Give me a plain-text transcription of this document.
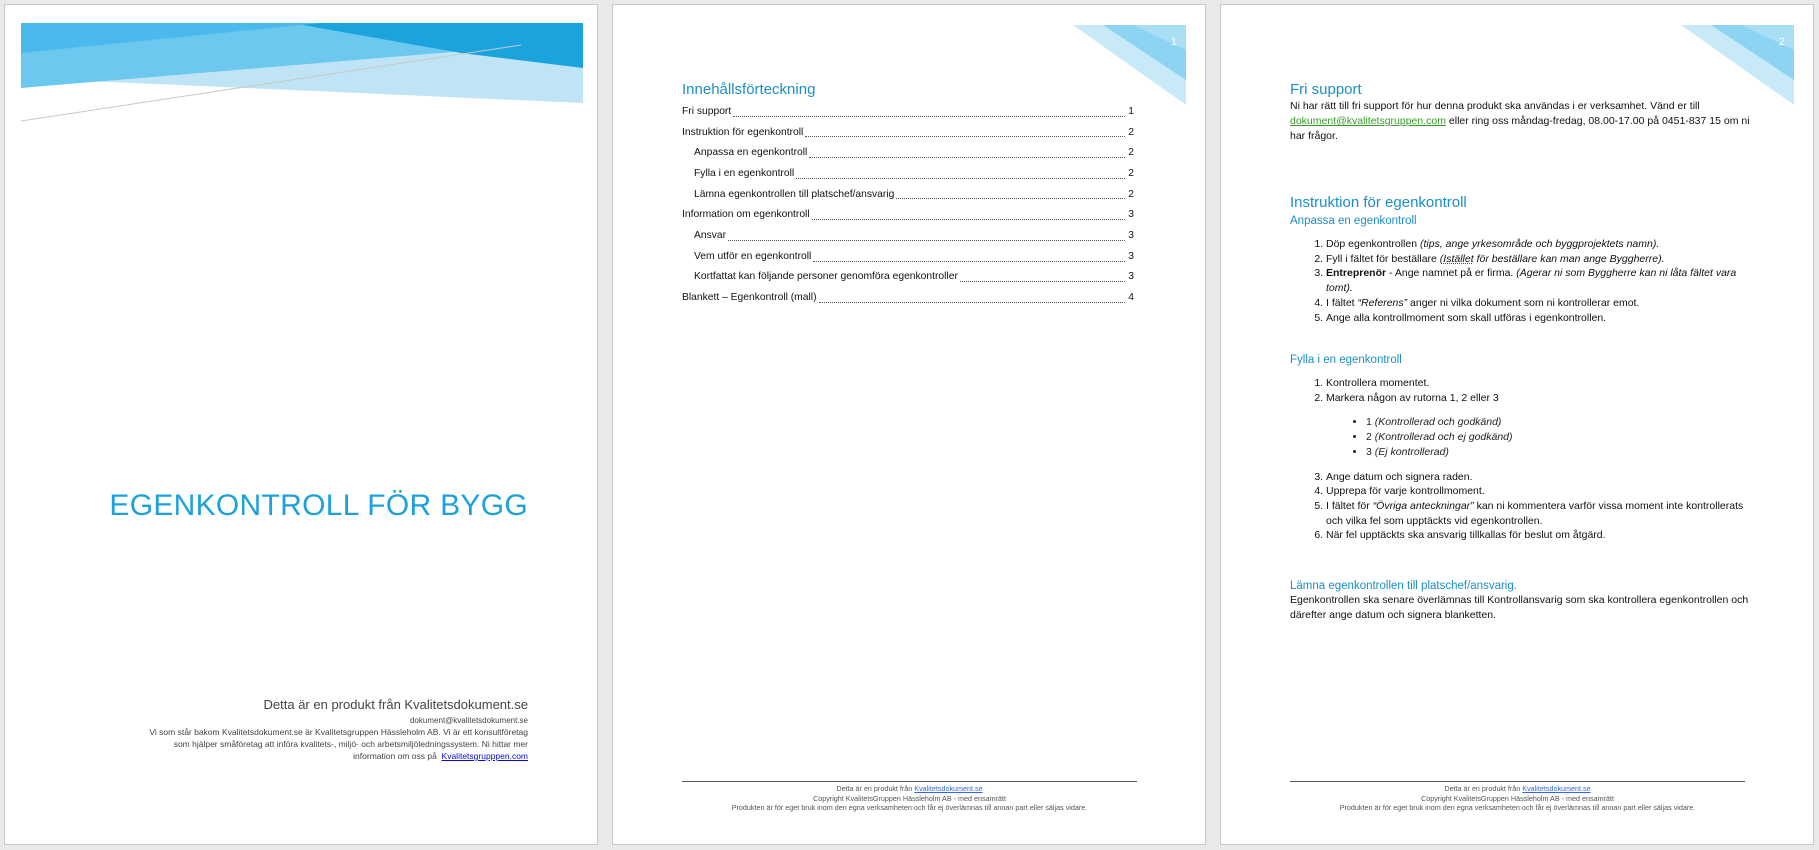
EGENKONTROLL FÖR BYGG
Detta är en produkt från Kvalitetsdokument.se
dokument@kvalitetsdokument.se
Vi som står bakom Kvalitetsdokument.se är Kvalitetsgruppen Hässleholm AB. Vi är ett konsultföretag som hjälper småföretag att införa kvalitets-, miljö- och arbetsmiljöledningssystem. Ni hittar mer information om oss på Kvalitetsgrupppen.com
1
Innehållsförteckning
Fri support	1
Instruktion för egenkontroll	2
Anpassa en egenkontroll	2
Fylla i en egenkontroll	2
Lämna egenkontrollen till platschef/ansvarig	2
Information om egenkontroll	3
Ansvar	3
Vem utför en egenkontroll	3
Kortfattat kan följande personer genomföra egenkontroller	3
Blankett – Egenkontroll (mall)	4
Detta är en produkt från Kvalitetsdokument.se
Copyright KvalitetsGruppen Hässleholm AB - med ensamrätt
Produkten är för eget bruk inom den egna verksamheten och får ej överlämnas till annan part eller säljas vidare.
2
Fri support
Ni har rätt till fri support för hur denna produkt ska användas i er verksamhet. Vänd er till
dokument@kvalitetsgruppen.com eller ring oss måndag-fredag, 08.00-17.00 på 0451-837 15 om ni har frågor.
Instruktion för egenkontroll
Anpassa en egenkontroll
1. Döp egenkontrollen (tips, ange yrkesområde och byggprojektets namn).
2. Fyll i fältet för beställare (Istället för beställare kan man ange Byggherre).
3. Entreprenör - Ange namnet på er firma. (Agerar ni som Byggherre kan ni låta fältet vara tomt).
4. I fältet “Referens” anger ni vilka dokument som ni kontrollerar emot.
5. Ange alla kontrollmoment som skall utföras i egenkontrollen.
Fylla i en egenkontroll
1. Kontrollera momentet.
2. Markera någon av rutorna 1, 2 eller 3
• 1 (Kontrollerad och godkänd)
• 2 (Kontrollerad och ej godkänd)
• 3 (Ej kontrollerad)
3. Ange datum och signera raden.
4. Upprepa för varje kontrollmoment.
5. I fältet för “Övriga anteckningar” kan ni kommentera varför vissa moment inte kontrollerats och vilka fel som upptäckts vid egenkontrollen.
6. När fel upptäckts ska ansvarig tillkallas för beslut om åtgärd.
Lämna egenkontrollen till platschef/ansvarig.
Egenkontrollen ska senare överlämnas till Kontrollansvarig som ska kontrollera egenkontrollen och därefter ange datum och signera blanketten.
Detta är en produkt från Kvalitetsdokument.se
Copyright KvalitetsGruppen Hässleholm AB - med ensamrätt
Produkten är för eget bruk inom den egna verksamheten och får ej överlämnas till annan part eller säljas vidare.
